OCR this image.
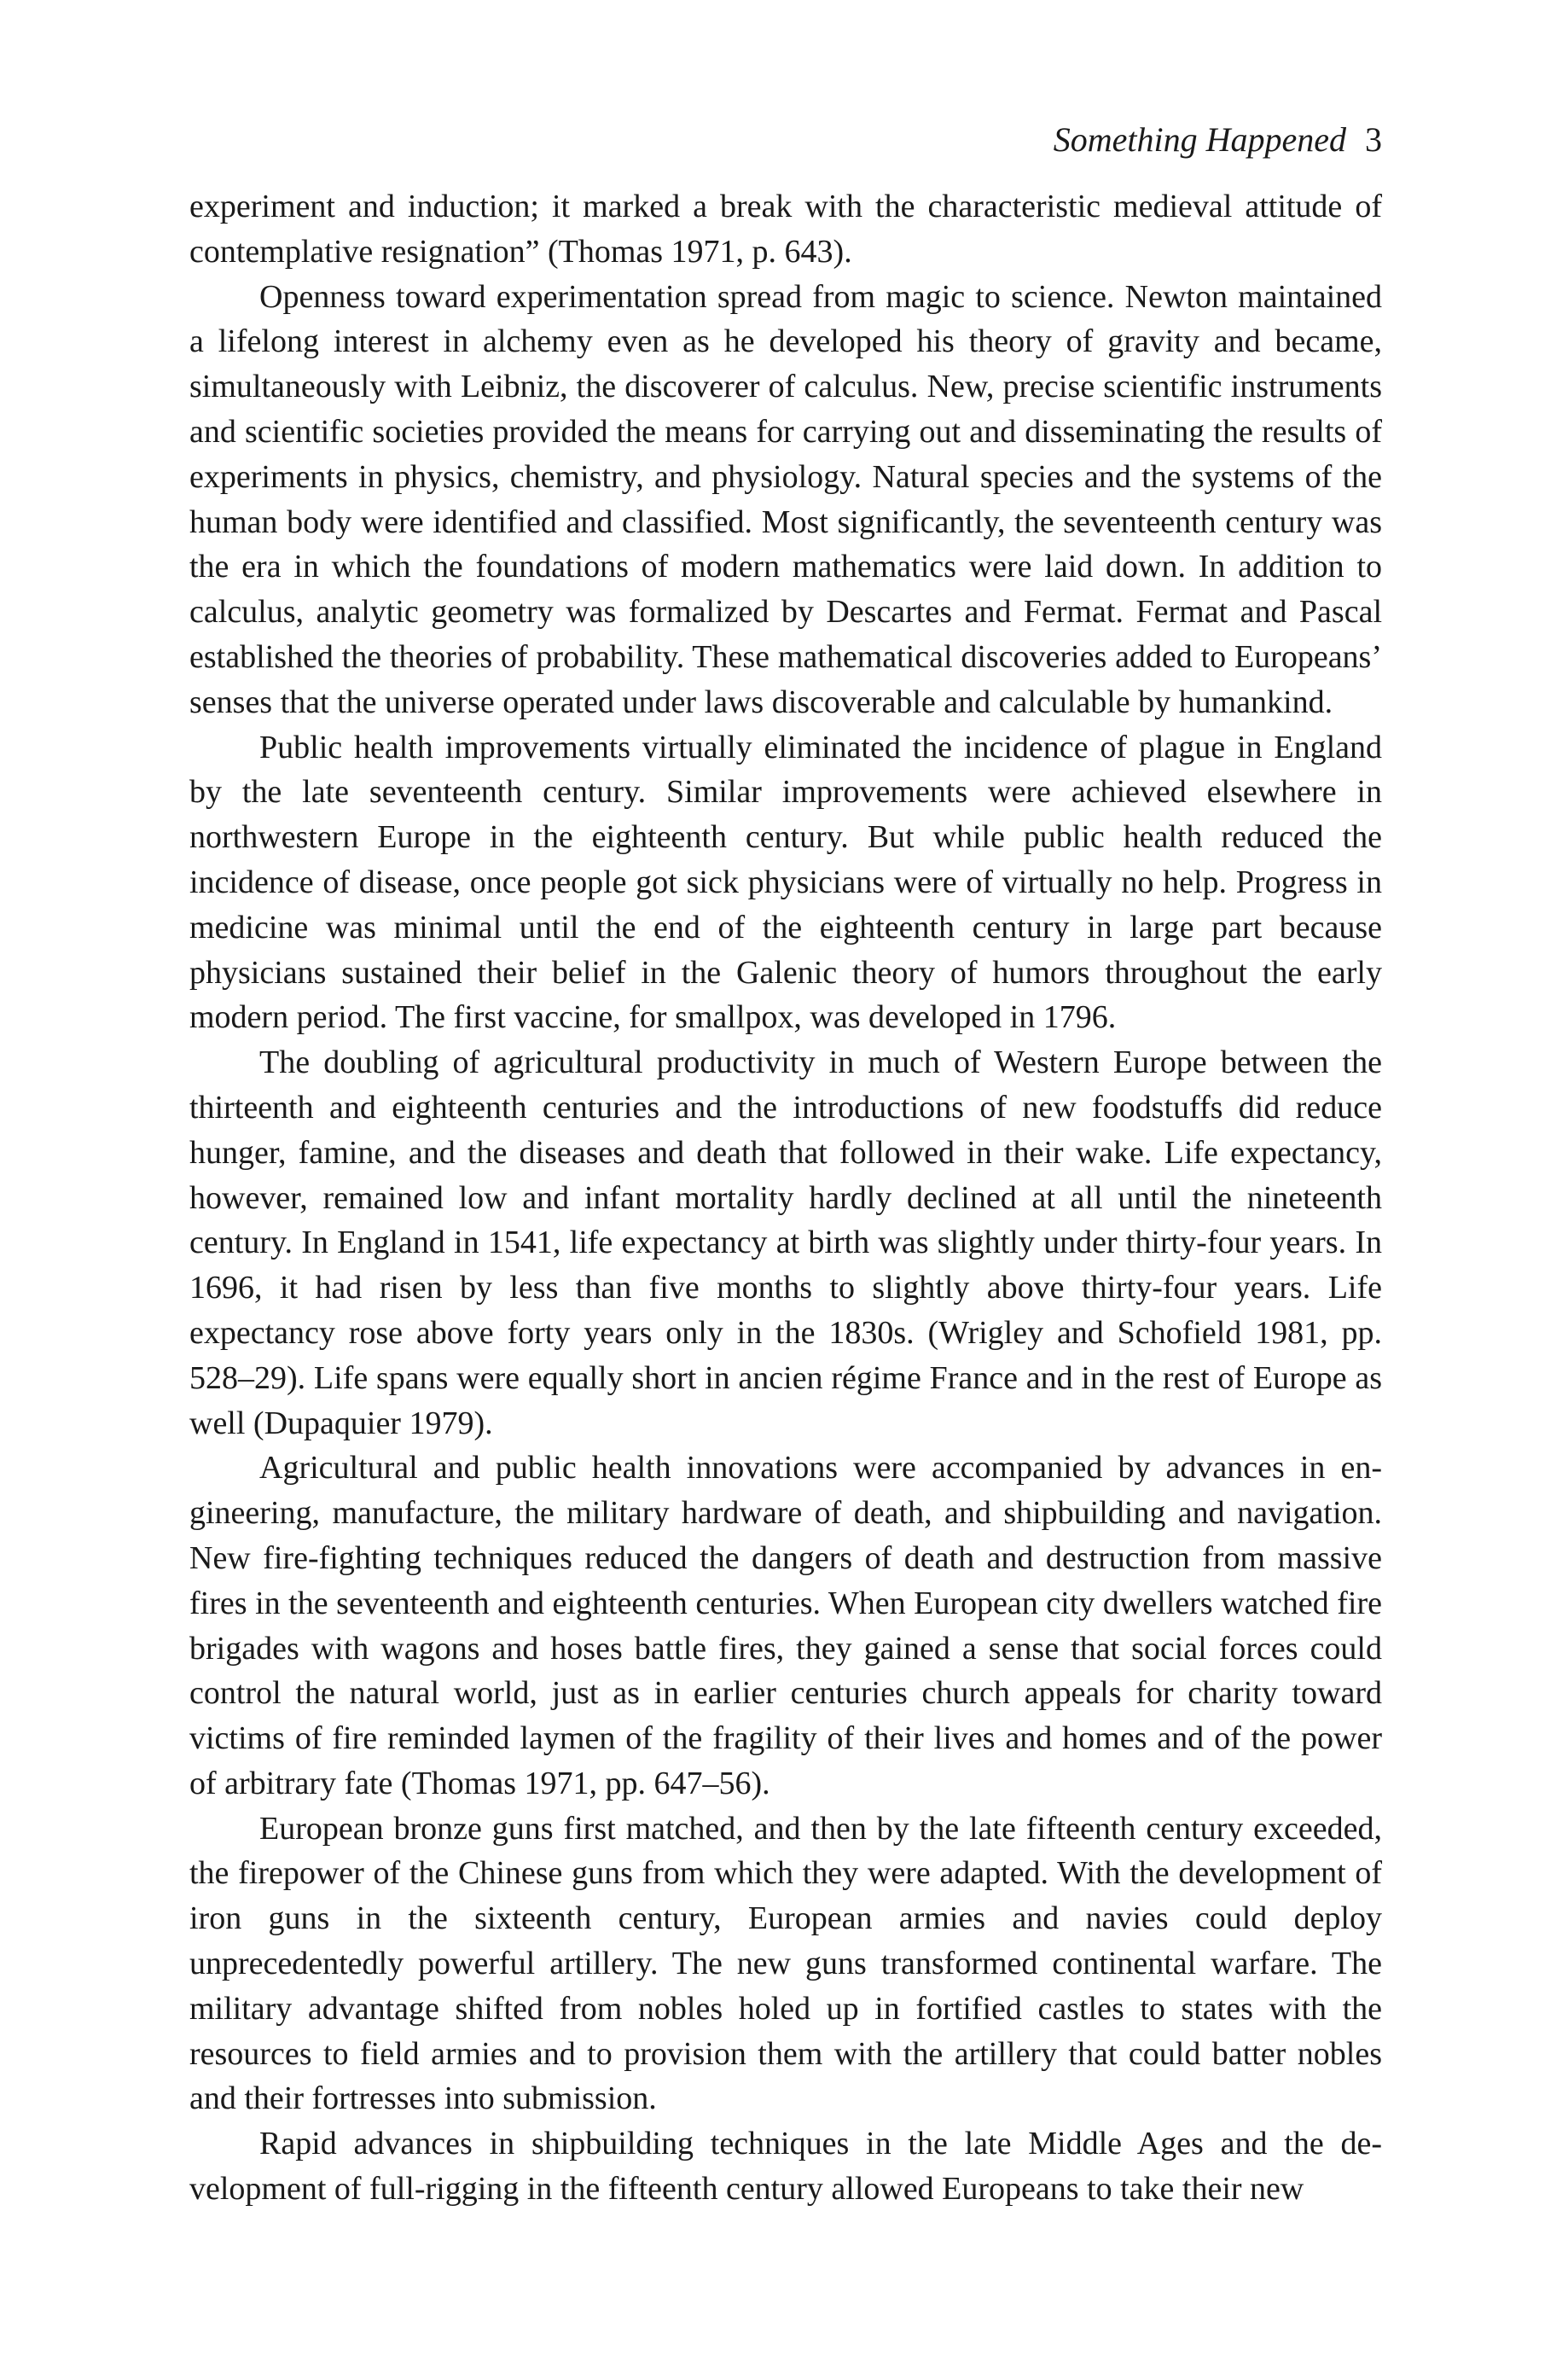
Something Happened 3

experiment and induction; it marked a break with the characteristic medieval attitude of contemplative resignation” (Thomas 1971, p. 643).

Openness toward experimentation spread from magic to science. Newton maintained a lifelong interest in alchemy even as he developed his theory of gravity and became, simultaneously with Leibniz, the discoverer of calculus. New, precise scientific instruments and scientific societies provided the means for carrying out and disseminating the results of experiments in physics, chemistry, and physiology. Natural species and the systems of the human body were identified and classified. Most significantly, the seventeenth century was the era in which the foundations of modern mathematics were laid down. In addition to calculus, analytic geometry was formalized by Descartes and Fermat. Fermat and Pascal established the theories of probability. These mathematical discoveries added to Europeans’ senses that the universe operated under laws discoverable and calculable by humankind.

Public health improvements virtually eliminated the incidence of plague in England by the late seventeenth century. Similar improvements were achieved elsewhere in northwestern Europe in the eighteenth century. But while public health reduced the incidence of disease, once people got sick physicians were of virtually no help. Progress in medicine was minimal until the end of the eighteenth century in large part because physicians sustained their belief in the Galenic theory of humors throughout the early modern period. The first vaccine, for smallpox, was developed in 1796.

The doubling of agricultural productivity in much of Western Europe between the thirteenth and eighteenth centuries and the introductions of new foodstuffs did reduce hunger, famine, and the diseases and death that followed in their wake. Life expectancy, however, remained low and infant mortality hardly declined at all until the nineteenth century. In England in 1541, life expectancy at birth was slightly under thirty-four years. In 1696, it had risen by less than five months to slightly above thirty-four years. Life expectancy rose above forty years only in the 1830s. (Wrigley and Schofield 1981, pp. 528–29). Life spans were equally short in ancien régime France and in the rest of Europe as well (Dupaquier 1979).

Agricultural and public health innovations were accompanied by advances in engineering, manufacture, the military hardware of death, and shipbuilding and navigation. New fire-fighting techniques reduced the dangers of death and destruction from massive fires in the seventeenth and eighteenth centuries. When European city dwellers watched fire brigades with wagons and hoses battle fires, they gained a sense that social forces could control the natural world, just as in earlier centuries church appeals for charity toward victims of fire reminded laymen of the fragility of their lives and homes and of the power of arbitrary fate (Thomas 1971, pp. 647–56).

European bronze guns first matched, and then by the late fifteenth century exceeded, the firepower of the Chinese guns from which they were adapted. With the development of iron guns in the sixteenth century, European armies and navies could deploy unprecedentedly powerful artillery. The new guns transformed continental warfare. The military advantage shifted from nobles holed up in fortified castles to states with the resources to field armies and to provision them with the artillery that could batter nobles and their fortresses into submission.

Rapid advances in shipbuilding techniques in the late Middle Ages and the development of full-rigging in the fifteenth century allowed Europeans to take their new
